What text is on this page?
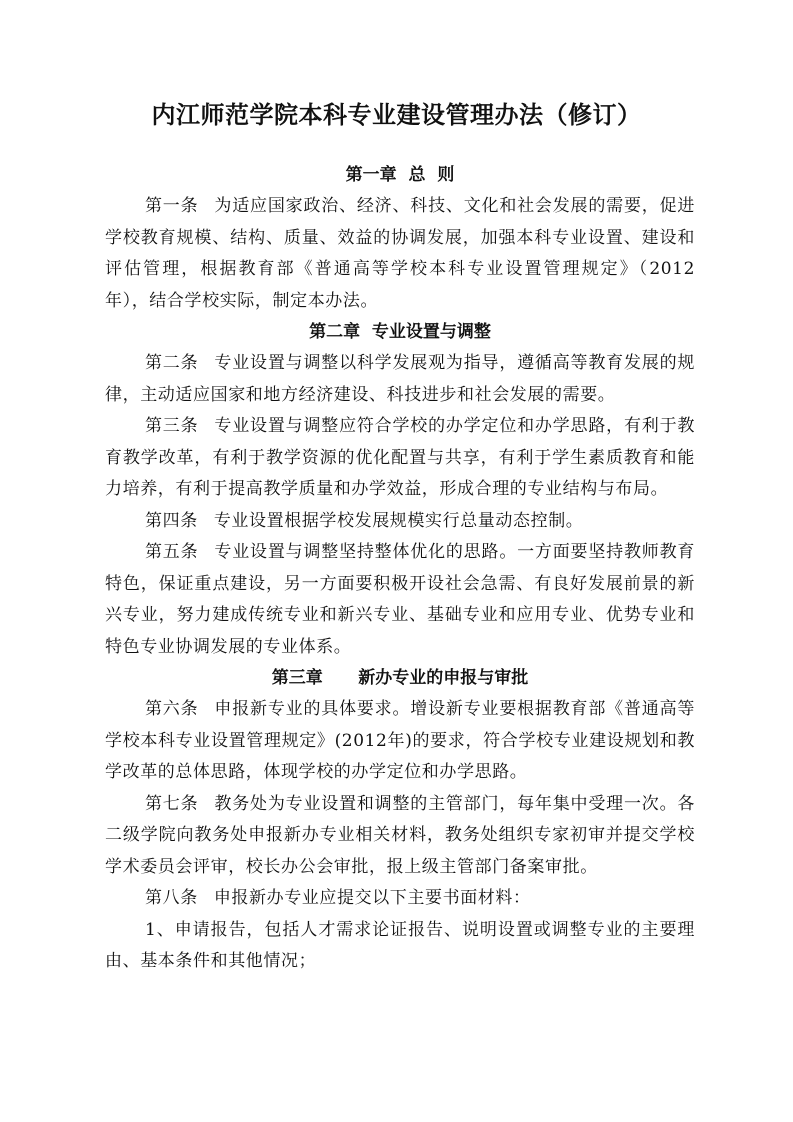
内江师范学院本科专业建设管理办法（修订）
第一章  总  则

第一条 为适应国家政治、经济、科技、文化和社会发展的需要，促进学校教育规模、结构、质量、效益的协调发展，加强本科专业设置、建设和评估管理，根据教育部《普通高等学校本科专业设置管理规定》（2012年），结合学校实际，制定本办法。

第二章  专业设置与调整

第二条 专业设置与调整以科学发展观为指导，遵循高等教育发展的规律，主动适应国家和地方经济建设、科技进步和社会发展的需要。

第三条 专业设置与调整应符合学校的办学定位和办学思路，有利于教育教学改革，有利于教学资源的优化配置与共享，有利于学生素质教育和能力培养，有利于提高教学质量和办学效益，形成合理的专业结构与布局。

第四条 专业设置根据学校发展规模实行总量动态控制。

第五条 专业设置与调整坚持整体优化的思路。一方面要坚持教师教育特色，保证重点建设，另一方面要积极开设社会急需、有良好发展前景的新兴专业，努力建成传统专业和新兴专业、基础专业和应用专业、优势专业和特色专业协调发展的专业体系。

第三章      新办专业的申报与审批

第六条 申报新专业的具体要求。增设新专业要根据教育部《普通高等学校本科专业设置管理规定》(2012年)的要求，符合学校专业建设规划和教学改革的总体思路，体现学校的办学定位和办学思路。

第七条 教务处为专业设置和调整的主管部门，每年集中受理一次。各二级学院向教务处申报新办专业相关材料，教务处组织专家初审并提交学校学术委员会评审，校长办公会审批，报上级主管部门备案审批。

第八条 申报新办专业应提交以下主要书面材料：

1、申请报告，包括人才需求论证报告、说明设置或调整专业的主要理由、基本条件和其他情况；
